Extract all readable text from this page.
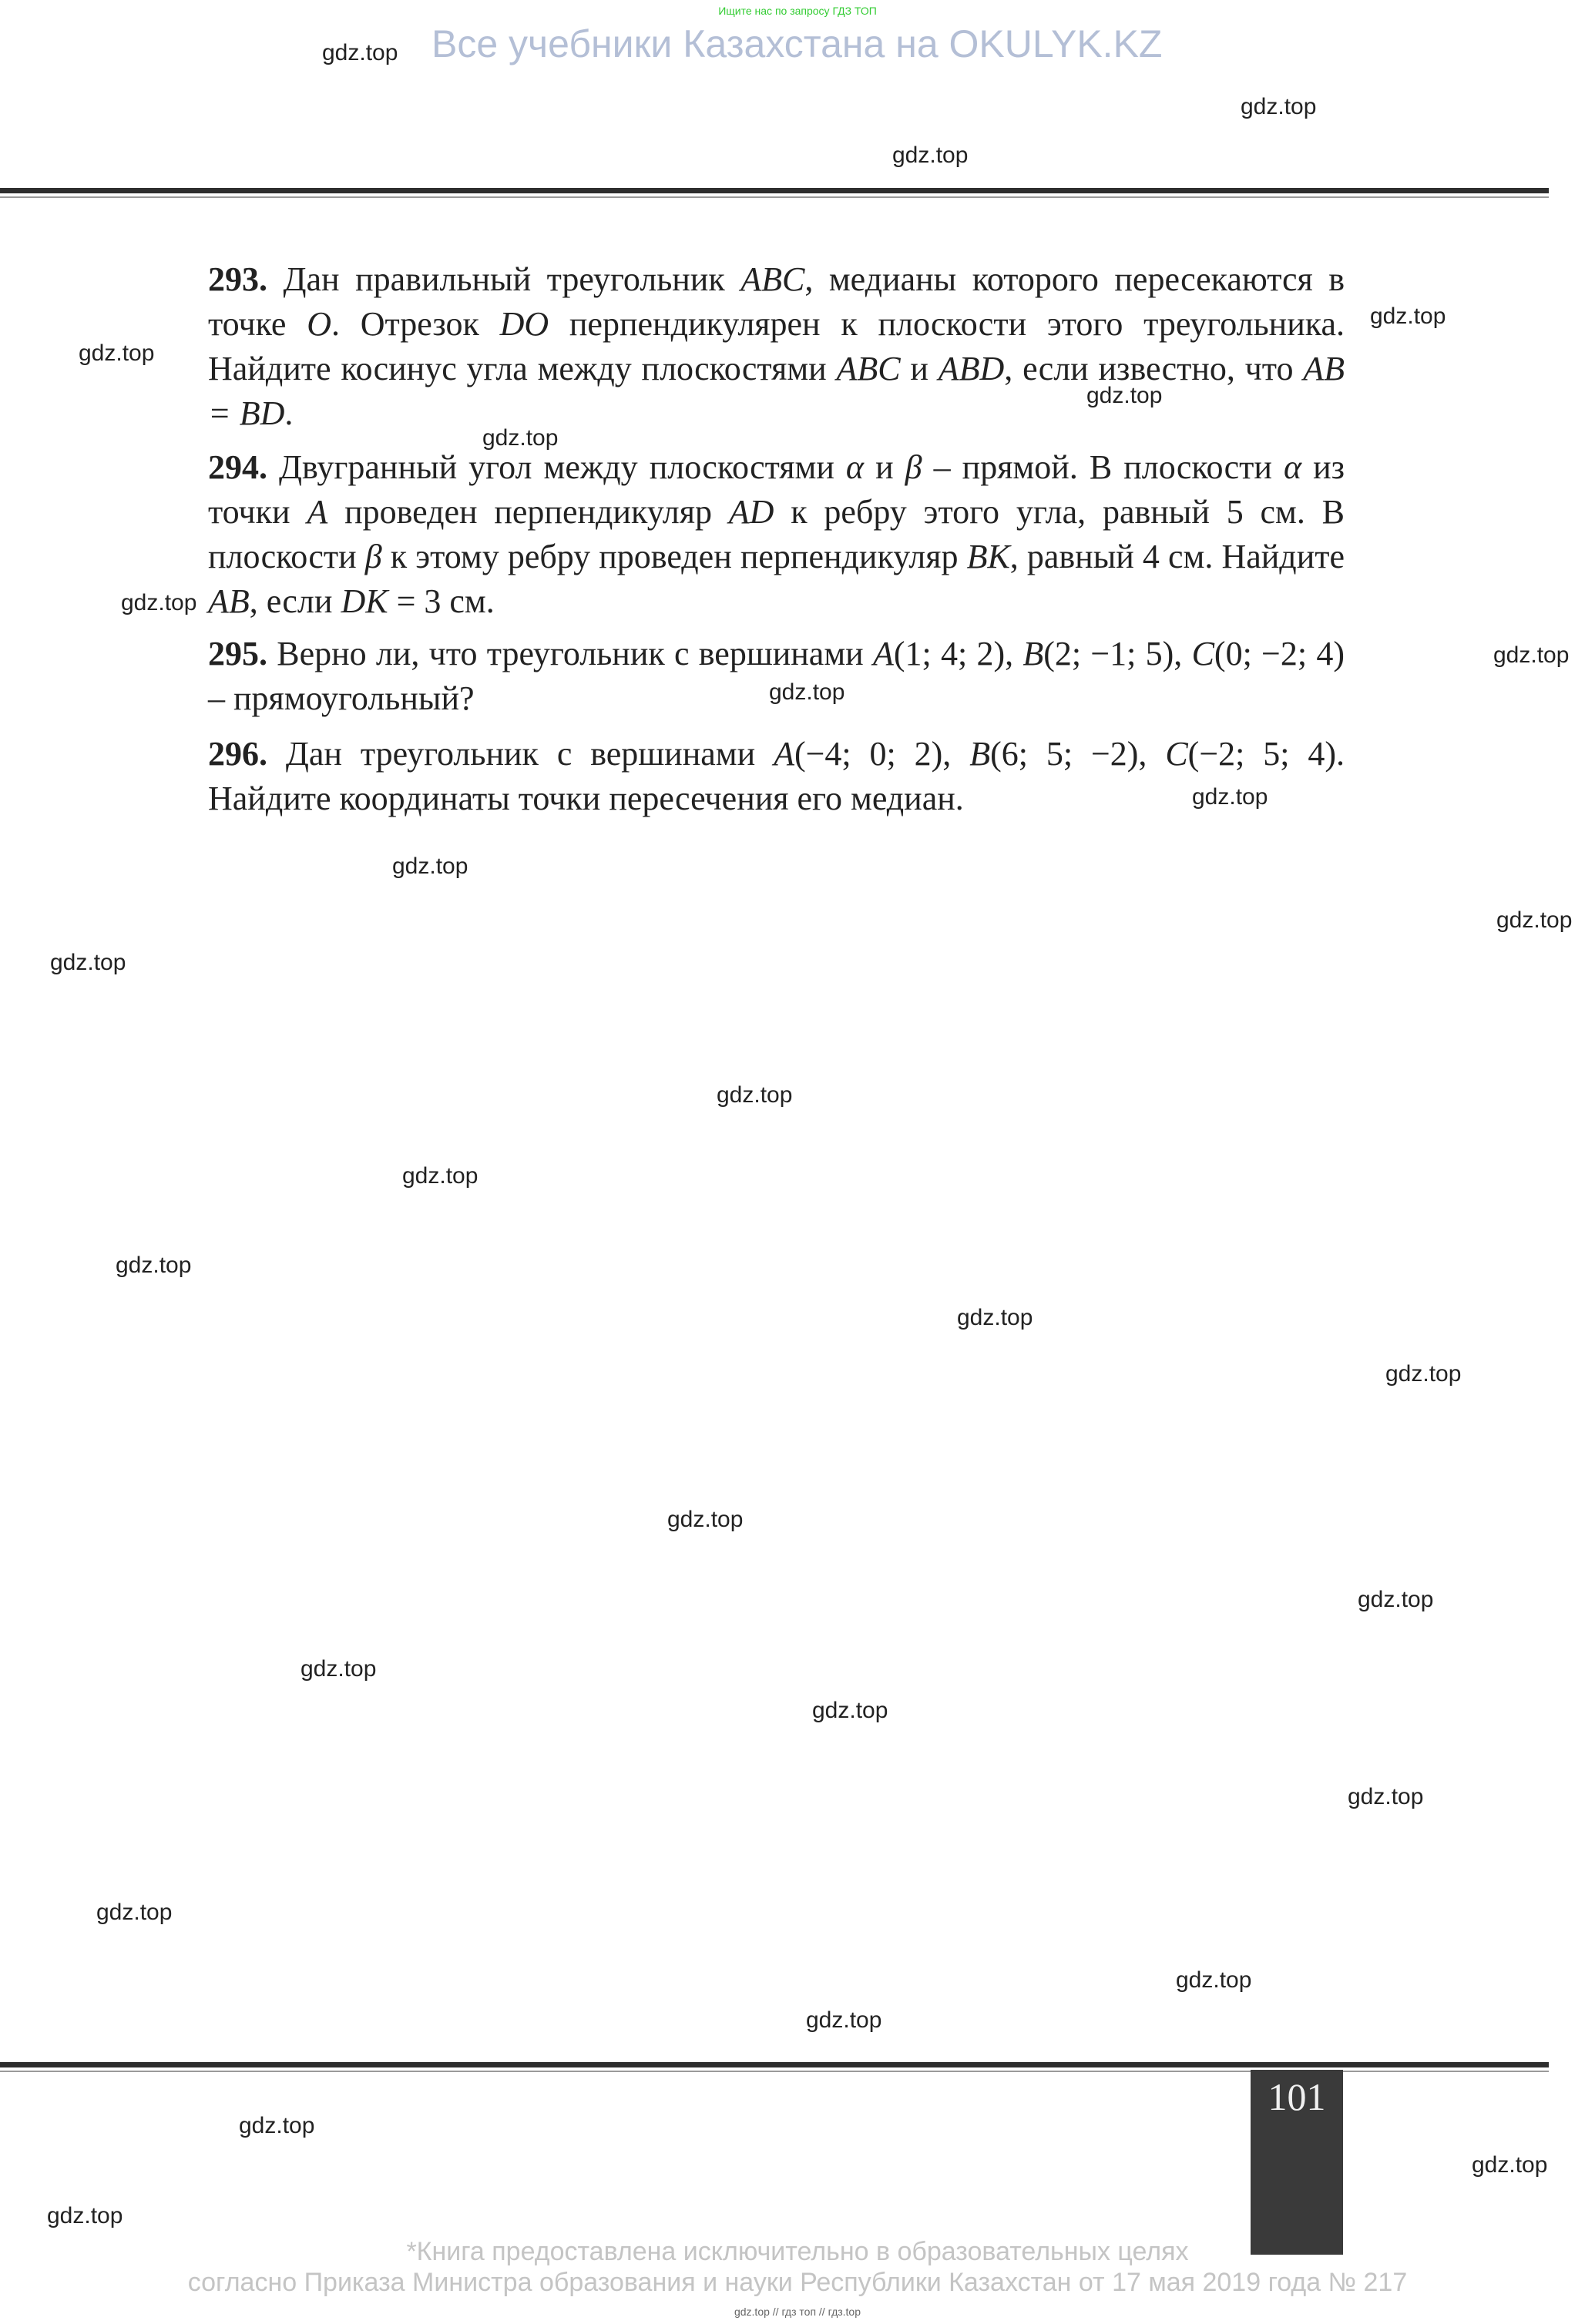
Ищите нас по запросу ГДЗ ТОП
Все учебники Казахстана на OKULYK.KZ
293. Дан правильный треугольник ABC, медианы которого пересекаются в точке O. Отрезок DO перпендикулярен к плоскости этого треугольника. Найдите косинус угла между плоскостями ABC и ABD, если известно, что AB = BD.
294. Двугранный угол между плоскостями α и β – прямой. В плоскости α из точки A проведен перпендикуляр AD к ребру этого угла, равный 5 см. В плоскости β к этому ребру проведен перпендикуляр BK, равный 4 см. Найдите AB, если DK = 3 см.
295. Верно ли, что треугольник с вершинами A(1; 4; 2), B(2; −1; 5), C(0; −2; 4) – прямоугольный?
296. Дан треугольник с вершинами A(−4; 0; 2), B(6; 5; −2), C(−2; 5; 4). Найдите координаты точки пересечения его медиан.
101
*Книга предоставлена исключительно в образовательных целях
согласно Приказа Министра образования и науки Республики Казахстан от 17 мая 2019 года № 217
gdz.top // гдз топ // гдз.top
gdz.top
gdz.top
gdz.top
gdz.top
gdz.top
gdz.top
gdz.top
gdz.top
gdz.top
gdz.top
gdz.top
gdz.top
gdz.top
gdz.top
gdz.top
gdz.top
gdz.top
gdz.top
gdz.top
gdz.top
gdz.top
gdz.top
gdz.top
gdz.top
gdz.top
gdz.top
gdz.top
gdz.top
gdz.top
gdz.top
